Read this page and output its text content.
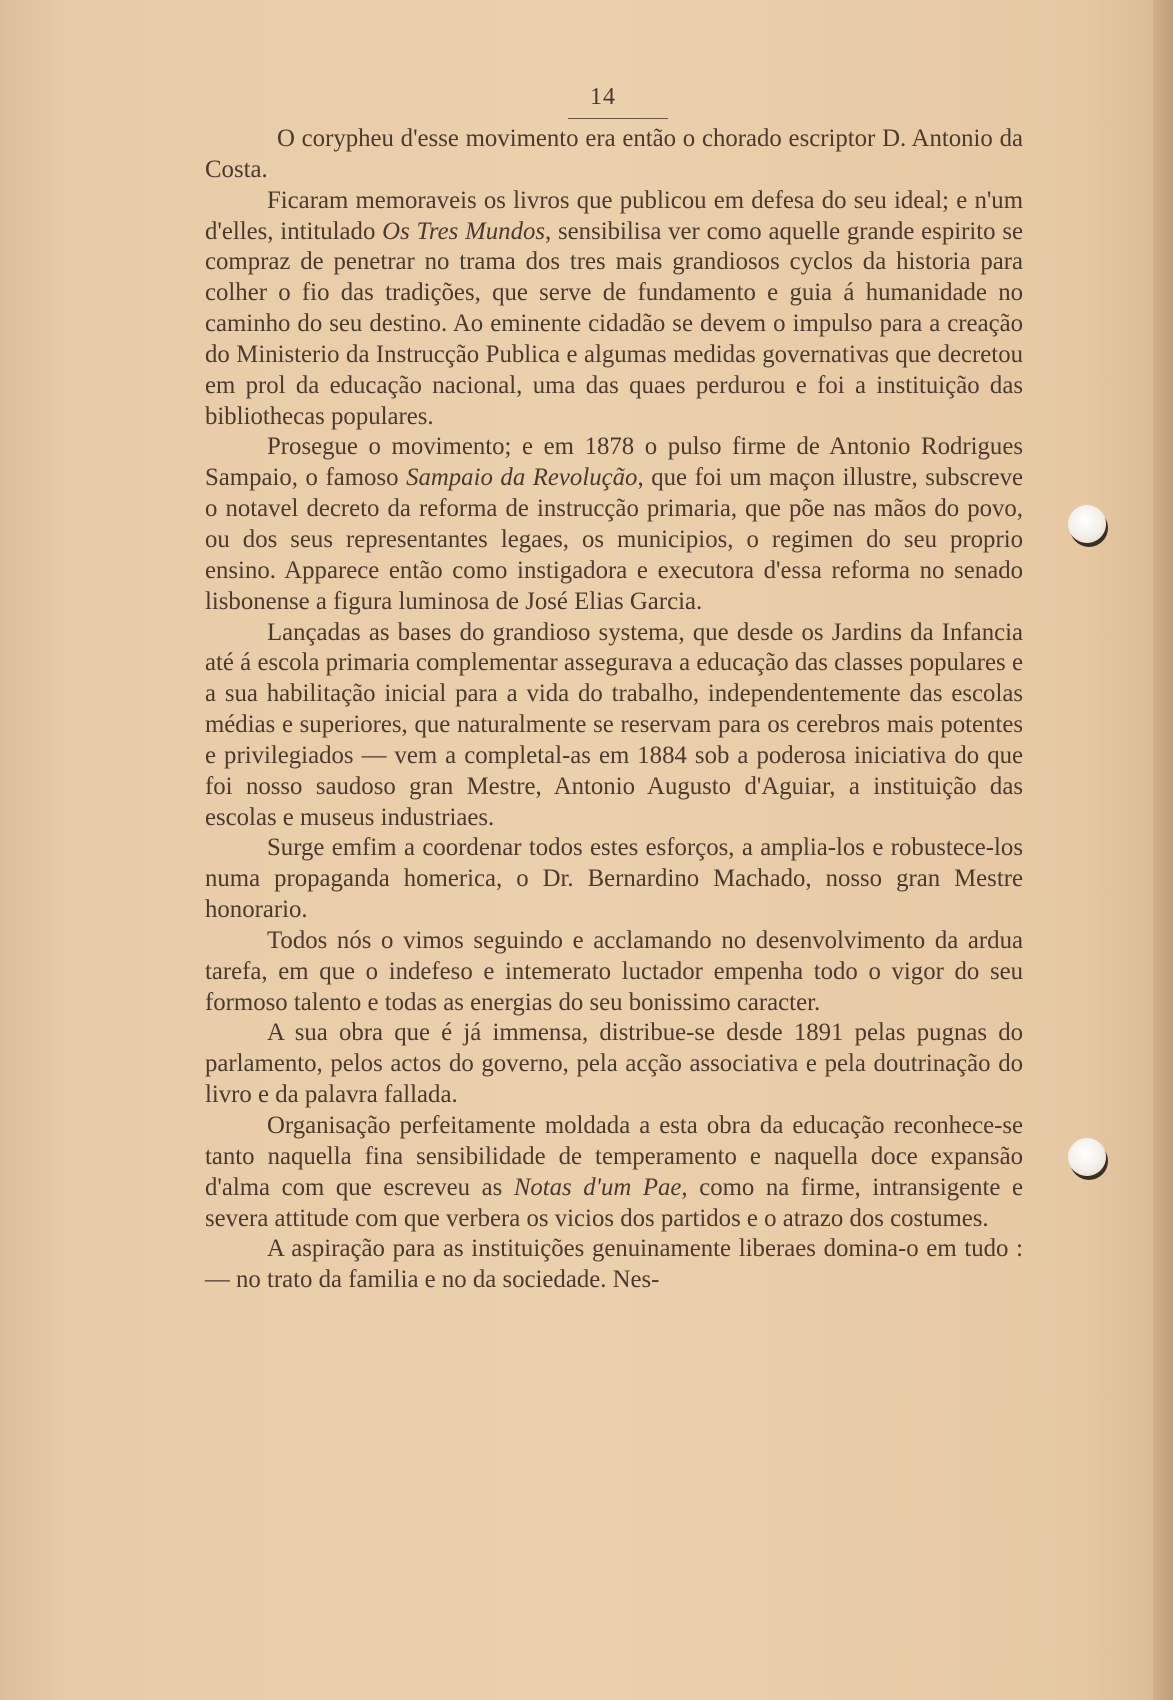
14

O corypheu d'esse movimento era então o chorado escriptor D. Antonio da Costa.

Ficaram memoraveis os livros que publicou em defesa do seu ideal; e n'um d'elles, intitulado Os Tres Mundos, sensibilisa ver como aquelle grande espirito se compraz de penetrar no trama dos tres mais grandiosos cyclos da historia para colher o fio das tradições, que serve de fundamento e guia á humanidade no caminho do seu destino. Ao eminente cidadão se devem o impulso para a creação do Ministerio da Instrucção Publica e algumas medidas governativas que decretou em prol da educação nacional, uma das quaes perdurou e foi a instituição das bibliothecas populares.

Prosegue o movimento; e em 1878 o pulso firme de Antonio Rodrigues Sampaio, o famoso Sampaio da Revolução, que foi um maçon illustre, subscreve o notavel decreto da reforma de instrucção primaria, que põe nas mãos do povo, ou dos seus representantes legaes, os municipios, o regimen do seu proprio ensino. Apparece então como instigadora e executora d'essa reforma no senado lisbonense a figura luminosa de José Elias Garcia.

Lançadas as bases do grandioso systema, que desde os Jardins da Infancia até á escola primaria complementar assegurava a educação das classes populares e a sua habilitação inicial para a vida do trabalho, independentemente das escolas médias e superiores, que naturalmente se reservam para os cerebros mais potentes e privilegiados — vem a completal-as em 1884 sob a poderosa iniciativa do que foi nosso saudoso gran Mestre, Antonio Augusto d'Aguiar, a instituição das escolas e museus industriaes.

Surge emfim a coordenar todos estes esforços, a amplia-los e robustece-los numa propaganda homerica, o Dr. Bernardino Machado, nosso gran Mestre honorario.

Todos nós o vimos seguindo e acclamando no desenvolvimento da ardua tarefa, em que o indefeso e intemerato luctador empenha todo o vigor do seu formoso talento e todas as energias do seu bonissimo caracter.

A sua obra que é já immensa, distribue-se desde 1891 pelas pugnas do parlamento, pelos actos do governo, pela acção associativa e pela doutrinação do livro e da palavra fallada.

Organisação perfeitamente moldada a esta obra da educação reconhece-se tanto naquella fina sensibilidade de temperamento e naquella doce expansão d'alma com que escreveu as Notas d'um Pae, como na firme, intransigente e severa attitude com que verbera os vicios dos partidos e o atrazo dos costumes.

A aspiração para as instituições genuinamente liberaes domina-o em tudo : — no trato da familia e no da sociedade. Nes-
